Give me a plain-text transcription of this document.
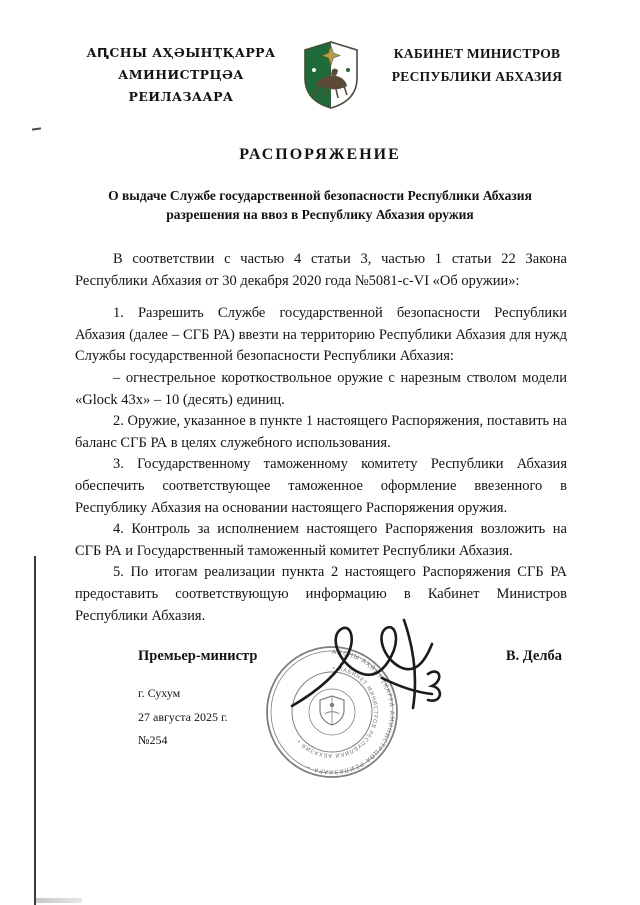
АԤСНЫ АҲӘЫНҬҚАРРА
АМИНИСТРЦӘА РЕИЛАЗААРА
КАБИНЕТ МИНИСТРОВ
РЕСПУБЛИКИ АБХАЗИЯ
РАСПОРЯЖЕНИЕ
О выдаче Службе государственной безопасности Республики Абхазия
разрешения на ввоз в Республику Абхазия оружия

В соответствии с частью 4 статьи 3, частью 1 статьи 22 Закона Республики Абхазия от 30 декабря 2020 года №5081-с-VI «Об оружии»:

1. Разрешить Службе государственной безопасности Республики Абхазия (далее – СГБ РА) ввезти на территорию Республики Абхазия для нужд Службы государственной безопасности Республики Абхазия:

– огнестрельное короткоствольное оружие с нарезным стволом модели «Glock 43х» – 10 (десять) единиц.

2. Оружие, указанное в пункте 1 настоящего Распоряжения, поставить на баланс СГБ РА в целях служебного использования.

3. Государственному таможенному комитету Республики Абхазия обеспечить соответствующее таможенное оформление ввезенного в Республику Абхазия на основании настоящего Распоряжения оружия.

4. Контроль за исполнением настоящего Распоряжения возложить на СГБ РА и Государственный таможенный комитет Республики Абхазия.

5. По итогам реализации пункта 2 настоящего Распоряжения СГБ РА предоставить соответствующую информацию в Кабинет Министров Республики Абхазия.

АԤСНЫ АҲӘЫНҬҚАРРА АМИНИСТРЦӘА РЕИЛАЗААРА •
• КАБИНЕТ МИНИСТРОВ РЕСПУБЛИКИ АБХАЗИЯ •
Премьер-министр	В. Делба
г. Сухум
27 августа 2025 г.
№254
